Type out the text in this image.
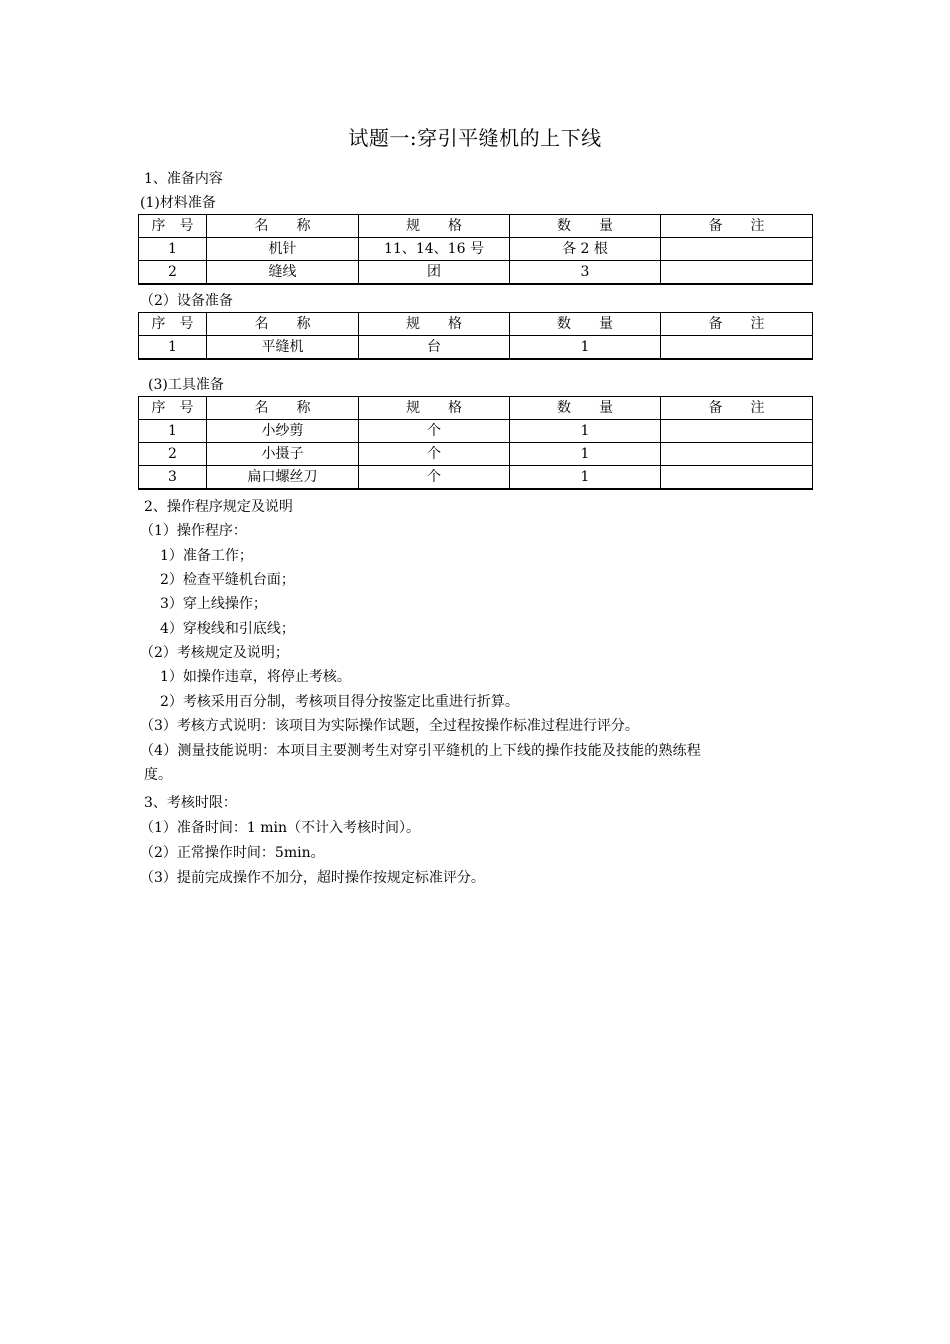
试题一:穿引平缝机的上下线
1、准备内容
(1)材料准备
序　号	名　　称	规　　格	数　　量	备　　注
1	机针	11、14、16 号	各 2 根	
2	缝线	团	3	
（2）设备准备
序　号	名　　称	规　　格	数　　量	备　　注
1	平缝机	台	1	
(3)工具准备
序　号	名　　称	规　　格	数　　量	备　　注
1	小纱剪	个	1	
2	小摄子	个	1	
3	扁口螺丝刀	个	1	
2、操作程序规定及说明
（1）操作程序：
1）准备工作；
2）检查平缝机台面；
3）穿上线操作；
4）穿梭线和引底线；
（2）考核规定及说明；
1）如操作违章，将停止考核。
2）考核采用百分制，考核项目得分按鉴定比重进行折算。
（3）考核方式说明：该项目为实际操作试题，全过程按操作标准过程进行评分。
（4）测量技能说明：本项目主要测考生对穿引平缝机的上下线的操作技能及技能的熟练程
度。
3、考核时限：
（1）准备时间：1 min（不计入考核时间）。
（2）正常操作时间：5min。
（3）提前完成操作不加分，超时操作按规定标准评分。
